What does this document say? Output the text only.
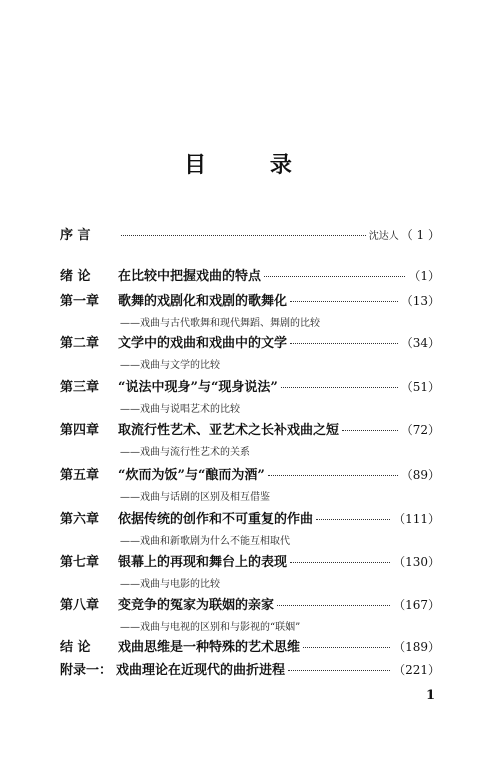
目 录
序 言	沈达人 （ 1 ）
绪 论	在比较中把握戏曲的特点	（1）
第一章	歌舞的戏剧化和戏剧的歌舞化	（13）
——戏曲与古代歌舞和现代舞蹈、舞剧的比较
第二章	文学中的戏曲和戏曲中的文学	（34）
——戏曲与文学的比较
第三章	“说法中现身”与“现身说法”	（51）
——戏曲与说唱艺术的比较
第四章	取流行性艺术、亚艺术之长补戏曲之短	（72）
——戏曲与流行性艺术的关系
第五章	“炊而为饭”与“酿而为酒”	（89）
——戏曲与话剧的区别及相互借鉴
第六章	依据传统的创作和不可重复的作曲	（111）
——戏曲和新歌剧为什么不能互相取代
第七章	银幕上的再现和舞台上的表现	（130）
——戏曲与电影的比较
第八章	变竞争的冤家为联姻的亲家	（167）
——戏曲与电视的区别和与影视的“联姻”
结 论	戏曲思维是一种特殊的艺术思维	（189）
附录一： 戏曲理论在近现代的曲折进程	（221）
1
